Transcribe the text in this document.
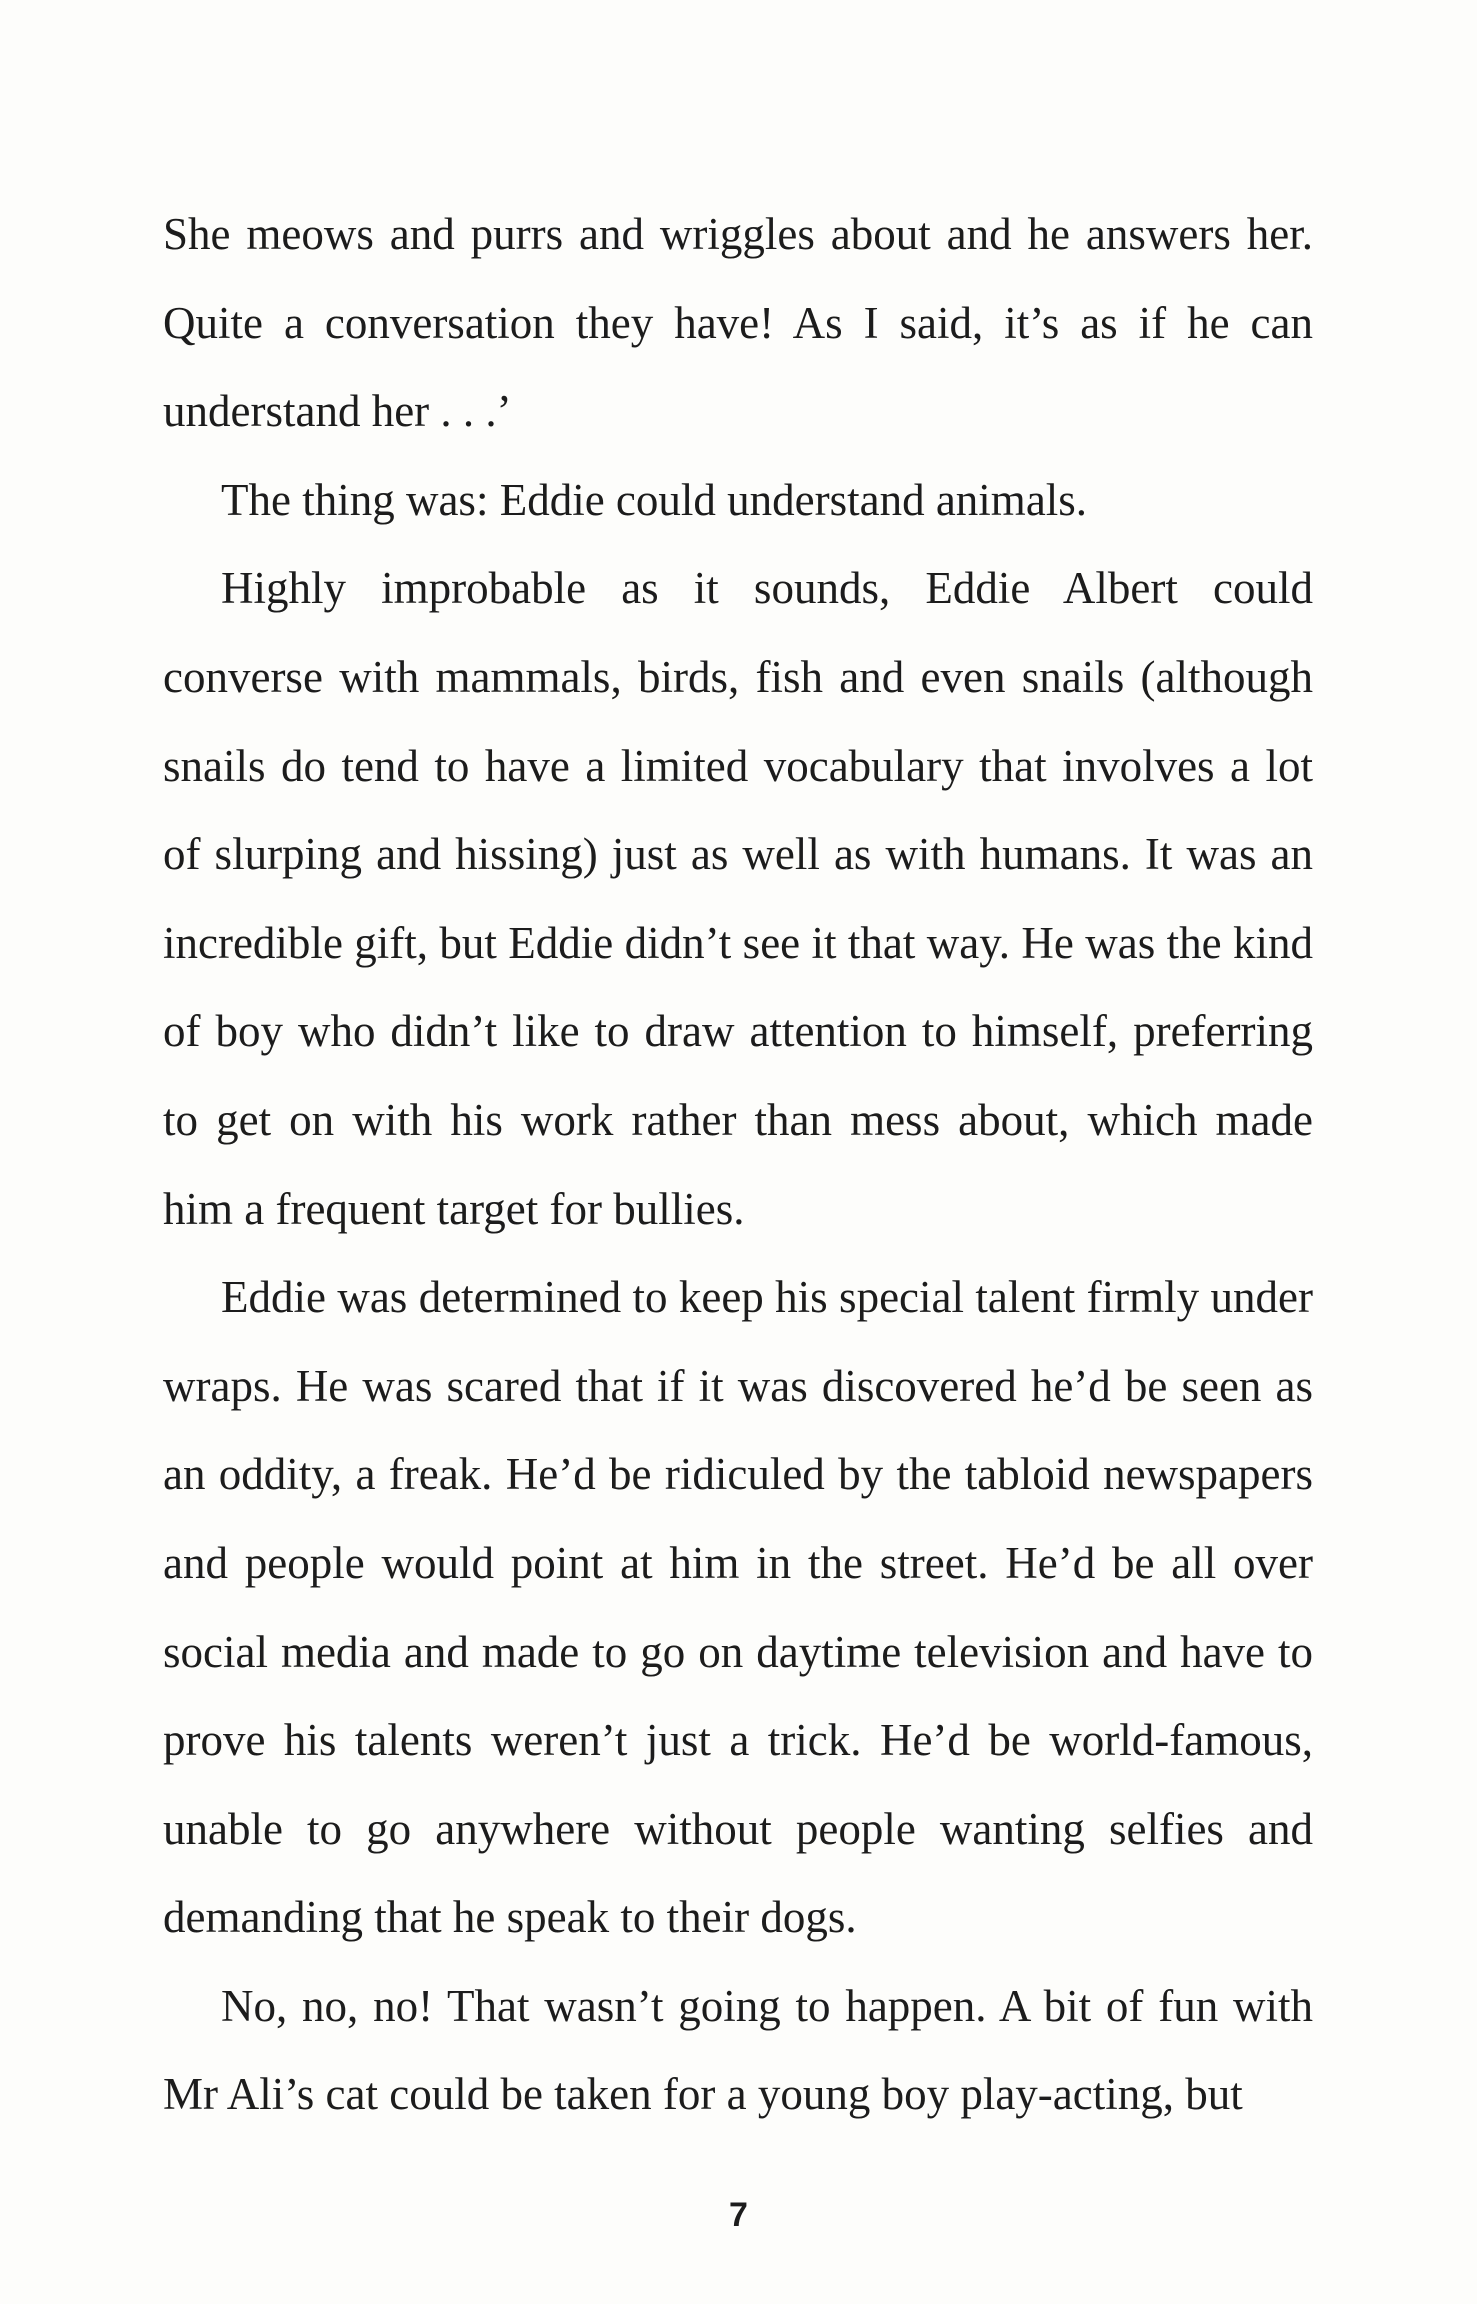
She meows and purrs and wriggles about and he answers her. Quite a conversation they have! As I said, it’s as if he can understand her . . .’

The thing was: Eddie could understand animals.

Highly improbable as it sounds, Eddie Albert could converse with mammals, birds, fish and even snails (although snails do tend to have a limited vocabulary that involves a lot of slurping and hissing) just as well as with humans. It was an incredible gift, but Eddie didn’t see it that way. He was the kind of boy who didn’t like to draw attention to himself, preferring to get on with his work rather than mess about, which made him a frequent target for bullies.

Eddie was determined to keep his special talent firmly under wraps. He was scared that if it was discovered he’d be seen as an oddity, a freak. He’d be ridiculed by the tabloid newspapers and people would point at him in the street. He’d be all over social media and made to go on daytime television and have to prove his talents weren’t just a trick. He’d be world-famous, unable to go anywhere without people wanting selfies and demanding that he speak to their dogs.

No, no, no! That wasn’t going to happen. A bit of fun with Mr Ali’s cat could be taken for a young boy play-acting, but

7
